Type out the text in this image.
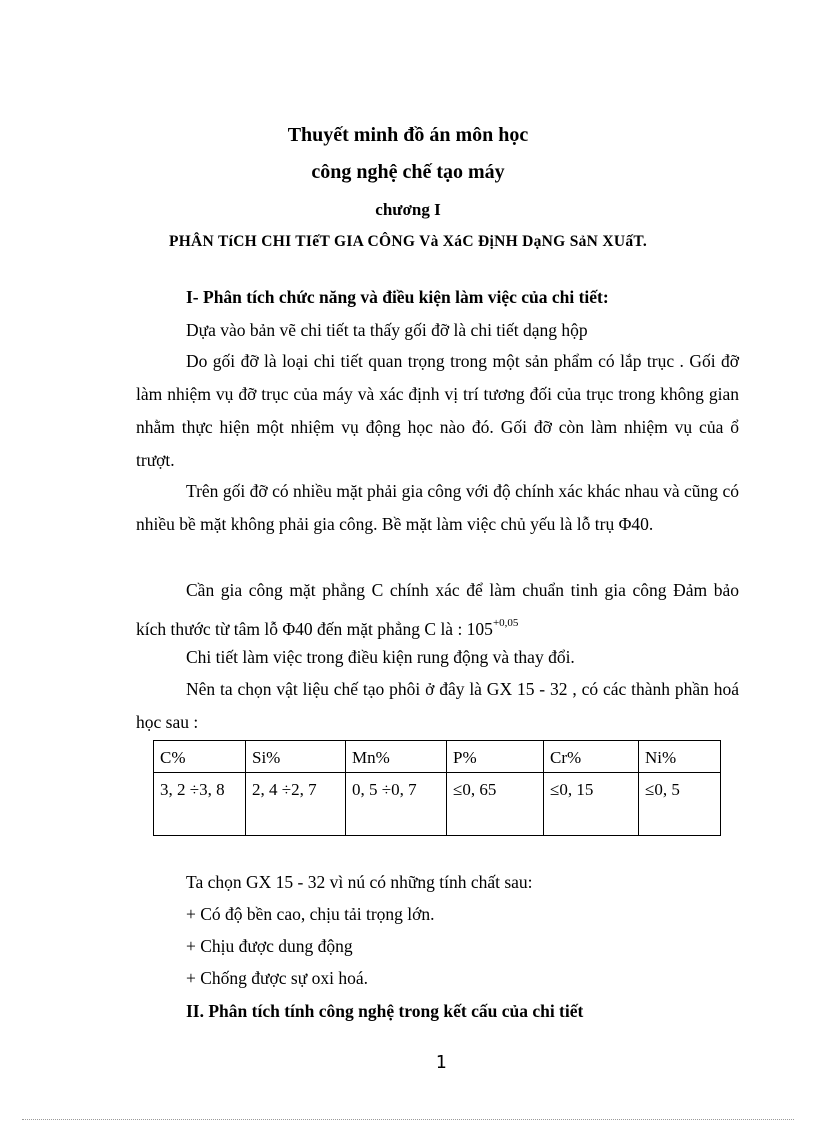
Thuyết minh đồ án môn học
công nghệ chế tạo máy
chương I
PHÂN TíCH CHI TIếT GIA CÔNG Và XáC ĐịNH DạNG SảN XUấT.
I- Phân tích chức năng và điều kiện làm việc của chi tiết:
Dựa vào bản vẽ chi tiết ta thấy gối đỡ là chi tiết dạng hộp
Do gối đỡ là loại chi tiết quan trọng trong một sản phẩm có lắp trục . Gối đỡ làm nhiệm vụ đỡ trục của máy và xác định vị trí tương đối của trục trong không gian nhằm thực hiện một nhiệm vụ động học nào đó. Gối đỡ còn làm nhiệm vụ của ổ trượt.
Trên gối đỡ có nhiều mặt phải gia công với độ chính xác khác nhau và cũng có nhiều bề mặt không phải gia công. Bề mặt làm việc chủ yếu là lỗ trụ Φ40.
Cần gia công mặt phẳng C chính xác để làm chuẩn tinh gia công Đảm bảo kích thước từ tâm lỗ Φ40 đến mặt phẳng C là : $105^{+0,05}$
Chi tiết làm việc trong điều kiện rung động và thay đổi.
Nên ta chọn vật liệu chế tạo phôi ở đây là GX 15 - 32 , có các thành phần hoá học sau :
C%	Si%	Mn%	P%	Cr%	Ni%
3, 2 ÷3, 8	2, 4 ÷2, 7	0, 5 ÷0, 7	≤0, 65	≤0, 15	≤0, 5
Ta chọn GX 15 - 32 vì nú có những tính chất sau:
+ Có độ bền cao, chịu tải trọng lớn.
+ Chịu được dung động
+ Chống được sự oxi hoá.
II. Phân tích tính công nghệ trong kết cấu của chi tiết
1
